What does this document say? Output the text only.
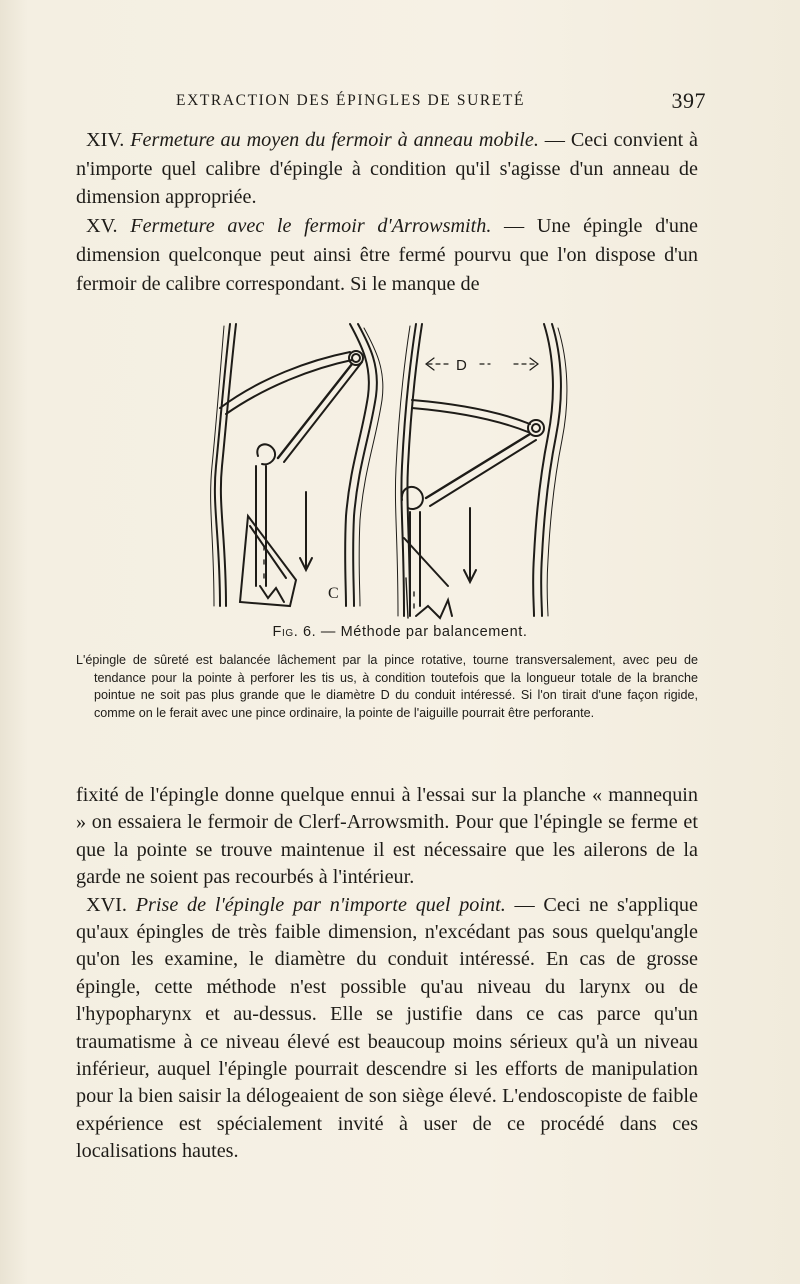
EXTRACTION DES ÉPINGLES DE SURETÉ	397

XIV. Fermeture au moyen du fermoir à anneau mobile. — Ceci convient à n'importe quel calibre d'épingle à condition qu'il s'agisse d'un anneau de dimension appropriée.

XV. Fermeture avec le fermoir d'Arrowsmith. — Une épingle d'une dimension quelconque peut ainsi être fermé pourvu que l'on dispose d'un fermoir de calibre correspondant. Si le manque de

D
C
Fig. 6. — Méthode par balancement.

L'épingle de sûreté est balancée lâchement par la pince rotative, tourne transversalement, avec peu de tendance pour la pointe à perforer les tis us, à condition toutefois que la longueur totale de la branche pointue ne soit pas plus grande que le diamètre D du conduit intéressé. Si l'on tirait d'une façon rigide, comme on le ferait avec une pince ordinaire, la pointe de l'aiguille pourrait être perforante.

fixité de l'épingle donne quelque ennui à l'essai sur la planche « mannequin » on essaiera le fermoir de Clerf-Arrowsmith. Pour que l'épingle se ferme et que la pointe se trouve maintenue il est nécessaire que les ailerons de la garde ne soient pas recourbés à l'intérieur.

XVI. Prise de l'épingle par n'importe quel point. — Ceci ne s'applique qu'aux épingles de très faible dimension, n'excédant pas sous quelqu'angle qu'on les examine, le diamètre du conduit intéressé. En cas de grosse épingle, cette méthode n'est possible qu'au niveau du larynx ou de l'hypopharynx et au-dessus. Elle se justifie dans ce cas parce qu'un traumatisme à ce niveau élevé est beaucoup moins sérieux qu'à un niveau inférieur, auquel l'épingle pourrait descendre si les efforts de manipulation pour la bien saisir la délogeaient de son siège élevé. L'endoscopiste de faible expérience est spécialement invité à user de ce procédé dans ces localisations hautes.
